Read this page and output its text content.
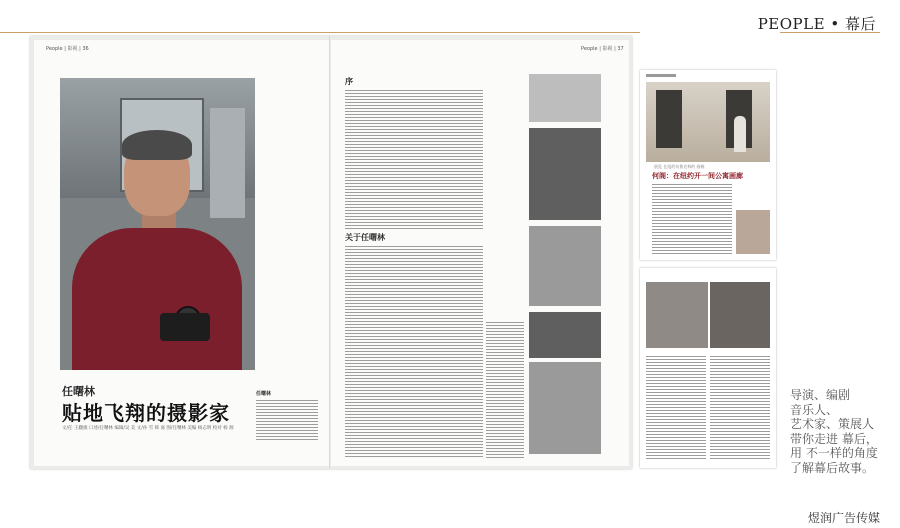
PEOPLE • 幕后
People | 影视 | 36
任曙林
贴地飞翔的摄影家
文/任 王翻旗 口述/任曙林 编辑/吴 美 文/孙 雪 韩 嘉 图/任曙林 美编 杨志明 校对 杨 源
任曙林
People | 影视 | 37
序
关于任曙林
展览 在纽约布鲁克林的 画廊
何阁：在纽约开一间公寓画廊
导演、编剧
音乐人、
艺术家、策展人
带你走进 幕后，
用 不一样的角度
了解幕后故事。
煜润广告传媒
